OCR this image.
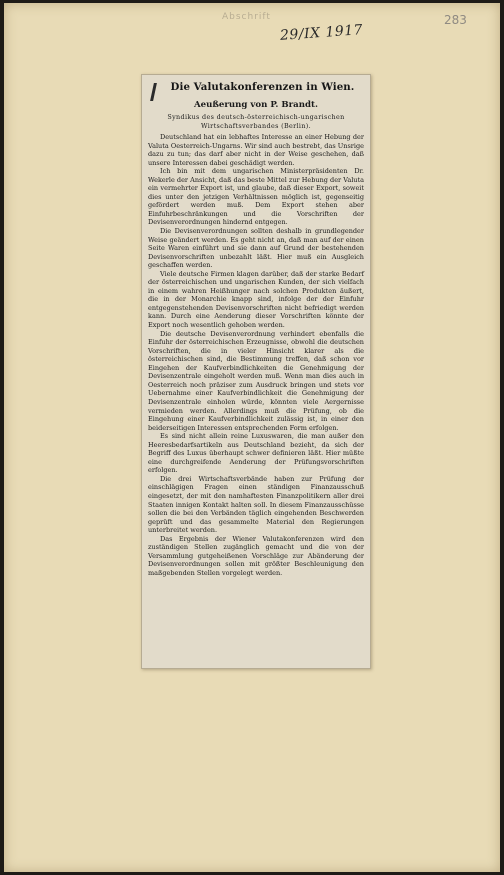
Abschrift
29/IX 1917
283
Die Valutakonferenzen in Wien.
Aeußerung von P. Brandt.
Syndikus des deutsch-österreichisch-ungarischen Wirtschaftsverbandes (Berlin).

Deutschland hat ein lebhaftes Interesse an einer Hebung der Valuta Oesterreich-Ungarns. Wir sind auch bestrebt, das Unsrige dazu zu tun; das darf aber nicht in der Weise geschehen, daß unsere Interessen dabei geschädigt werden.

Ich bin mit dem ungarischen Ministerpräsidenten Dr. Wekerle der Ansicht, daß das beste Mittel zur Hebung der Valuta ein vermehrter Export ist, und glaube, daß dieser Export, soweit dies unter den jetzigen Verhältnissen möglich ist, gegenseitig gefördert werden muß. Dem Export stehen aber Einfuhrbeschränkungen und die Vorschriften der Devisenverordnungen hindernd entgegen.

Die Devisenverordnungen sollten deshalb in grundlegender Weise geändert werden. Es geht nicht an, daß man auf der einen Seite Waren einführt und sie dann auf Grund der bestehenden Devisenvorschriften unbezahlt läßt. Hier muß ein Ausgleich geschaffen werden.

Viele deutsche Firmen klagen darüber, daß der starke Bedarf der österreichischen und ungarischen Kunden, der sich vielfach in einem wahren Heißhunger nach solchen Produkten äußert, die in der Monarchie knapp sind, infolge der der Einfuhr entgegenstehenden Devisenvorschriften nicht befriedigt werden kann. Durch eine Aenderung dieser Vorschriften könnte der Export noch wesentlich gehoben werden.

Die deutsche Devisenverordnung verhindert ebenfalls die Einfuhr der österreichischen Erzeugnisse, obwohl die deutschen Vorschriften, die in vieler Hinsicht klarer als die österreichischen sind, die Bestimmung treffen, daß schon vor Eingehen der Kaufverbindlichkeiten die Genehmigung der Devisenzentrale eingeholt werden muß. Wenn man dies auch in Oesterreich noch präziser zum Ausdruck bringen und stets vor Uebernahme einer Kaufverbindlichkeit die Genehmigung der Devisenzentrale einholen würde, könnten viele Aergernisse vermieden werden. Allerdings muß die Prüfung, ob die Eingehung einer Kaufverbindlichkeit zulässig ist, in einer den beiderseitigen Interessen entsprechenden Form erfolgen.

Es sind nicht allein reine Luxuswaren, die man außer den Heeresbedarfsartikeln aus Deutschland bezieht, da sich der Begriff des Luxus überhaupt schwer definieren läßt. Hier müßte eine durchgreifende Aenderung der Prüfungsvorschriften erfolgen.

Die drei Wirtschaftsverbände haben zur Prüfung der einschlägigen Fragen einen ständigen Finanzausschuß eingesetzt, der mit den namhaftesten Finanzpolitikern aller drei Staaten innigen Kontakt halten soll. In diesem Finanzausschüsse sollen die bei den Verbänden täglich eingehenden Beschwerden geprüft und das gesammelte Material den Regierungen unterbreitet werden.

Das Ergebnis der Wiener Valutakonferenzen wird den zuständigen Stellen zugänglich gemacht und die von der Versammlung gutgeheißenen Vorschläge zur Abänderung der Devisenverordnungen sollen mit größter Beschleunigung den maßgebenden Stellen vorgelegt werden.
